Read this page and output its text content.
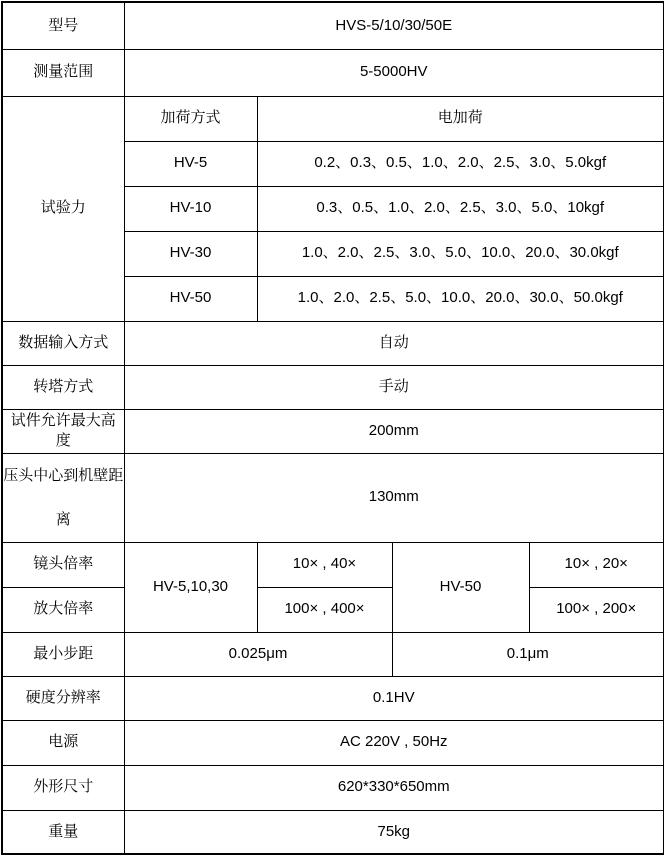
型号	HVS-5/10/30/50E			
测量范围	5-5000HV			
试验力	加荷方式	电加荷		
	HV-5	0.2、0.3、0.5、1.0、2.0、2.5、3.0、5.0kgf		
	HV-10	0.3、0.5、1.0、2.0、2.5、3.0、5.0、10kgf		
	HV-30	1.0、2.0、2.5、3.0、5.0、10.0、20.0、30.0kgf		
	HV-50	1.0、2.0、2.5、5.0、10.0、20.0、30.0、50.0kgf		
数据输入方式	自动			
转塔方式	手动			
试件允许最大高度	200mm			
压头中心到机壁距离	130mm			
镜头倍率	HV-5,10,30	10× , 40×	HV-50	10× , 20×
放大倍率		100× , 400×		100× , 200×
最小步距	0.025μm		0.1μm	
硬度分辨率	0.1HV			
电源	AC 220V , 50Hz			
外形尺寸	620*330*650mm			
重量	75kg			
